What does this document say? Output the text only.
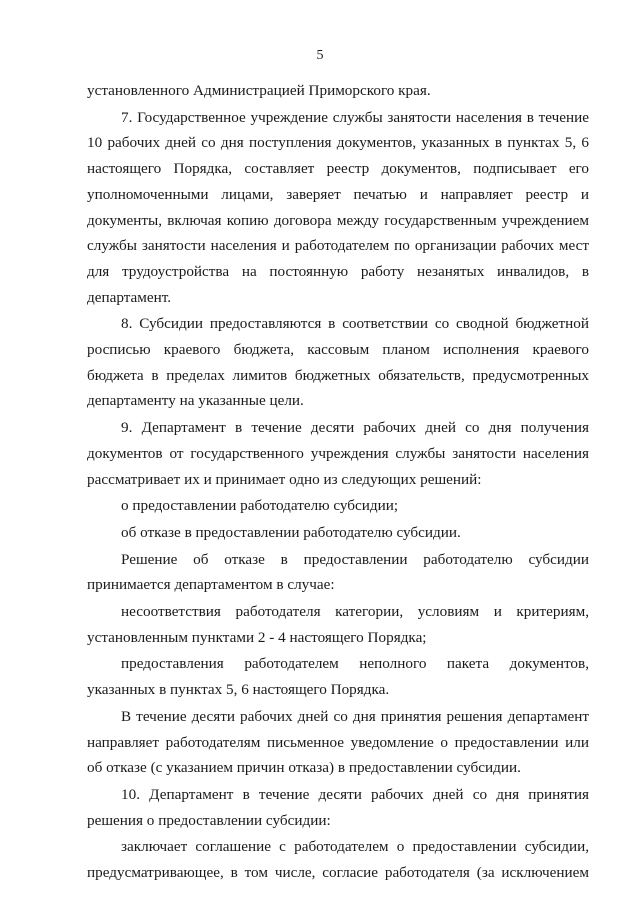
5

установленного Администрацией Приморского края.

7. Государственное учреждение службы занятости населения в течение 10 рабочих дней со дня поступления документов, указанных в пунктах 5, 6 настоящего Порядка, составляет реестр документов, подписывает его уполномоченными лицами, заверяет печатью и направляет реестр и документы, включая копию договора между государственным учреждением службы занятости населения и работодателем по организации рабочих мест для трудоустройства на постоянную работу незанятых инвалидов, в департамент.

8. Субсидии предоставляются в соответствии со сводной бюджетной росписью краевого бюджета, кассовым планом исполнения краевого бюджета в пределах лимитов бюджетных обязательств, предусмотренных департаменту на указанные цели.

9. Департамент в течение десяти рабочих дней со дня получения документов от государственного учреждения службы занятости населения рассматривает их и принимает одно из следующих решений:

о предоставлении работодателю субсидии;

об отказе в предоставлении работодателю субсидии.

Решение об отказе в предоставлении работодателю субсидии принимается департаментом в случае:

несоответствия работодателя категории, условиям и критериям, установленным пунктами 2 - 4 настоящего Порядка;

предоставления работодателем неполного пакета документов, указанных в пунктах 5, 6 настоящего Порядка.

В течение десяти рабочих дней со дня принятия решения департамент направляет работодателям письменное уведомление о предоставлении или об отказе (с указанием причин отказа) в предоставлении субсидии.

10. Департамент в течение десяти рабочих дней со дня принятия решения о предоставлении субсидии:

заключает соглашение с работодателем о предоставлении субсидии, предусматривающее, в том числе, согласие работодателя (за исключением
